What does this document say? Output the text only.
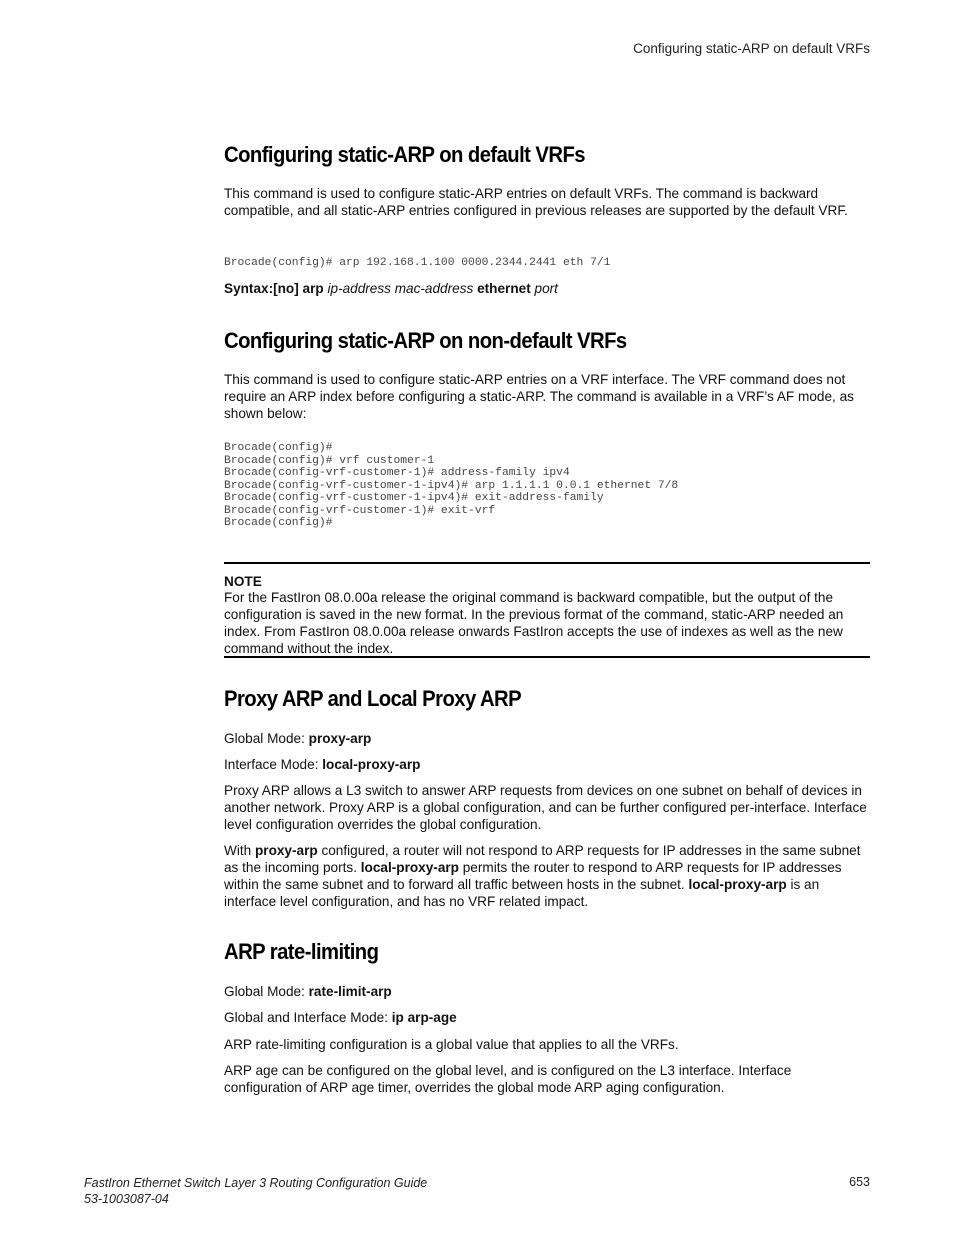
Configuring static-ARP on default VRFs
Configuring static-ARP on default VRFs

This command is used to configure static-ARP entries on default VRFs. The command is backward compatible, and all static-ARP entries configured in previous releases are supported by the default VRF.

Brocade(config)# arp 192.168.1.100 0000.2344.2441 eth 7/1

Syntax:[no] arp ip-address mac-address ethernet port

Configuring static-ARP on non-default VRFs

This command is used to configure static-ARP entries on a VRF interface. The VRF command does not require an ARP index before configuring a static-ARP. The command is available in a VRF’s AF mode, as shown below:

Brocade(config)#
Brocade(config)# vrf customer-1
Brocade(config-vrf-customer-1)# address-family ipv4
Brocade(config-vrf-customer-1-ipv4)# arp 1.1.1.1 0.0.1 ethernet 7/8
Brocade(config-vrf-customer-1-ipv4)# exit-address-family
Brocade(config-vrf-customer-1)# exit-vrf
Brocade(config)#
NOTE
For the FastIron 08.0.00a release the original command is backward compatible, but the output of the configuration is saved in the new format. In the previous format of the command, static-ARP needed an index. From FastIron 08.0.00a release onwards FastIron accepts the use of indexes as well as the new command without the index.
Proxy ARP and Local Proxy ARP

Global Mode: proxy-arp

Interface Mode: local-proxy-arp

Proxy ARP allows a L3 switch to answer ARP requests from devices on one subnet on behalf of devices in another network. Proxy ARP is a global configuration, and can be further configured per-interface. Interface level configuration overrides the global configuration.

With proxy-arp configured, a router will not respond to ARP requests for IP addresses in the same subnet as the incoming ports. local-proxy-arp permits the router to respond to ARP requests for IP addresses within the same subnet and to forward all traffic between hosts in the subnet. local-proxy-arp is an interface level configuration, and has no VRF related impact.

ARP rate-limiting

Global Mode: rate-limit-arp

Global and Interface Mode: ip arp-age

ARP rate-limiting configuration is a global value that applies to all the VRFs.

ARP age can be configured on the global level, and is configured on the L3 interface. Interface configuration of ARP age timer, overrides the global mode ARP aging configuration.

FastIron Ethernet Switch Layer 3 Routing Configuration Guide
53-1003087-04
653
